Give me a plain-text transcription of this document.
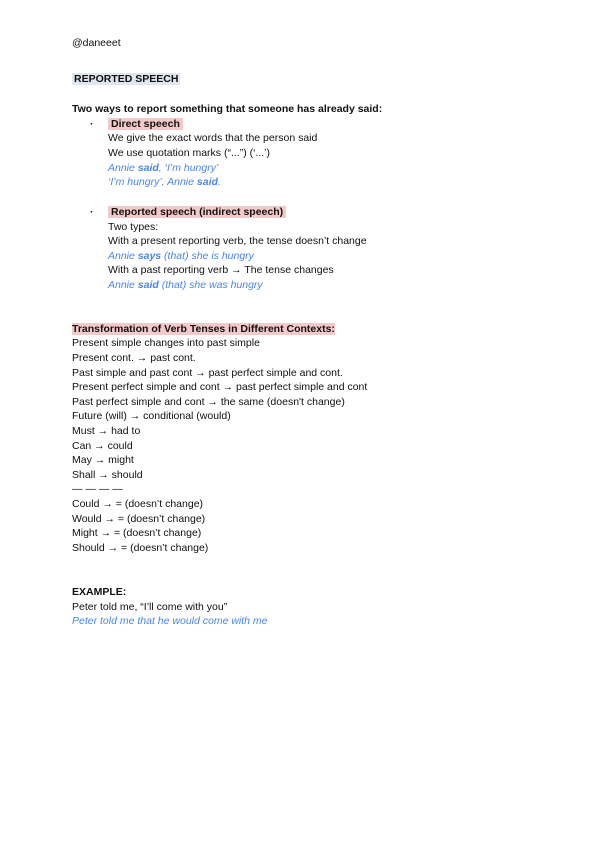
@daneeet
REPORTED SPEECH
Two ways to report something that someone has already said:
· Direct speech
We give the exact words that the person said
We use quotation marks (“...”) (‘...’)
Annie said, ‘I’m hungry’
‘I’m hungry’, Annie said.
· Reported speech (indirect speech)
Two types:
With a present reporting verb, the tense doesn’t change
Annie says (that) she is hungry
With a past reporting verb → The tense changes
Annie said (that) she was hungry
Transformation of Verb Tenses in Different Contexts:
Present simple changes into past simple
Present cont. → past cont.
Past simple and past cont → past perfect simple and cont.
Present perfect simple and cont → past perfect simple and cont
Past perfect simple and cont → the same (doesn't change)
Future (will) → conditional (would)
Must → had to
Can → could
May → might
Shall → should
— — — —
Could → = (doesn’t change)
Would → = (doesn’t change)
Might → = (doesn’t change)
Should → = (doesn’t change)
EXAMPLE:
Peter told me, “I’ll come with you”
Peter told me that he would come with me
